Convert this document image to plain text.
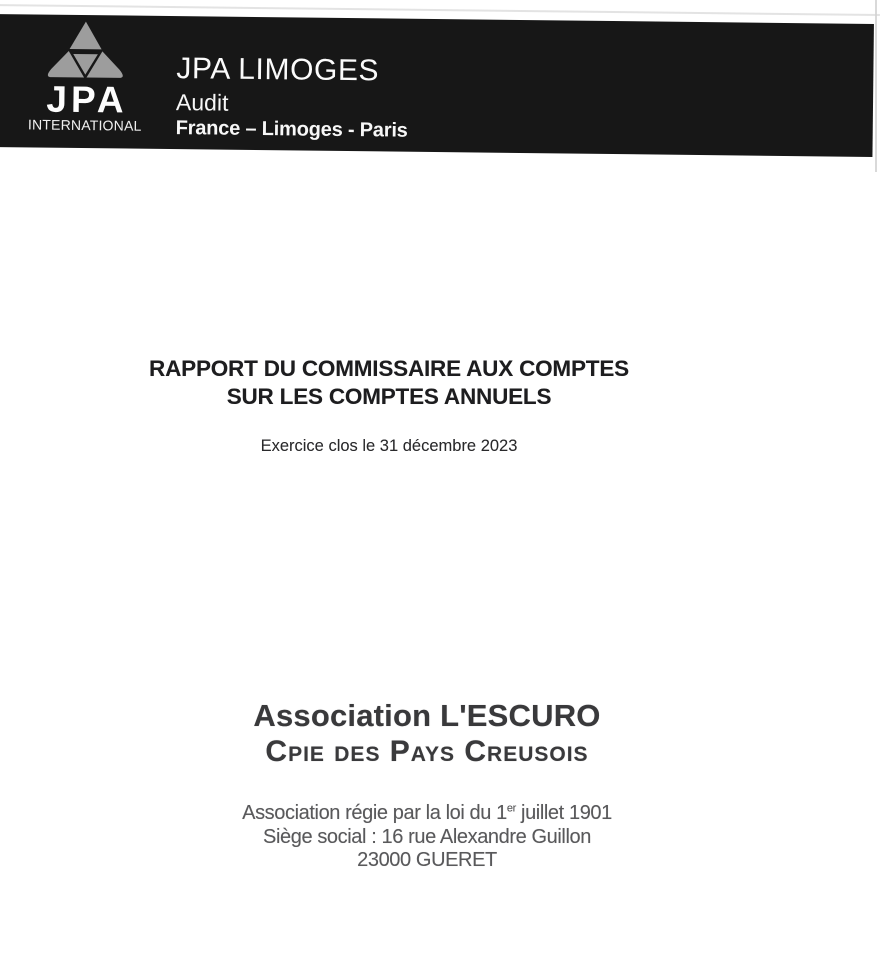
JPA
INTERNATIONAL
JPA LIMOGES
Audit
France – Limoges - Paris
RAPPORT DU COMMISSAIRE AUX COMPTES
SUR LES COMPTES ANNUELS
Exercice clos le 31 décembre 2023
Association L'ESCURO
Cpie des Pays Creusois
Association régie par la loi du 1er juillet 1901
Siège social : 16 rue Alexandre Guillon
23000 GUERET
